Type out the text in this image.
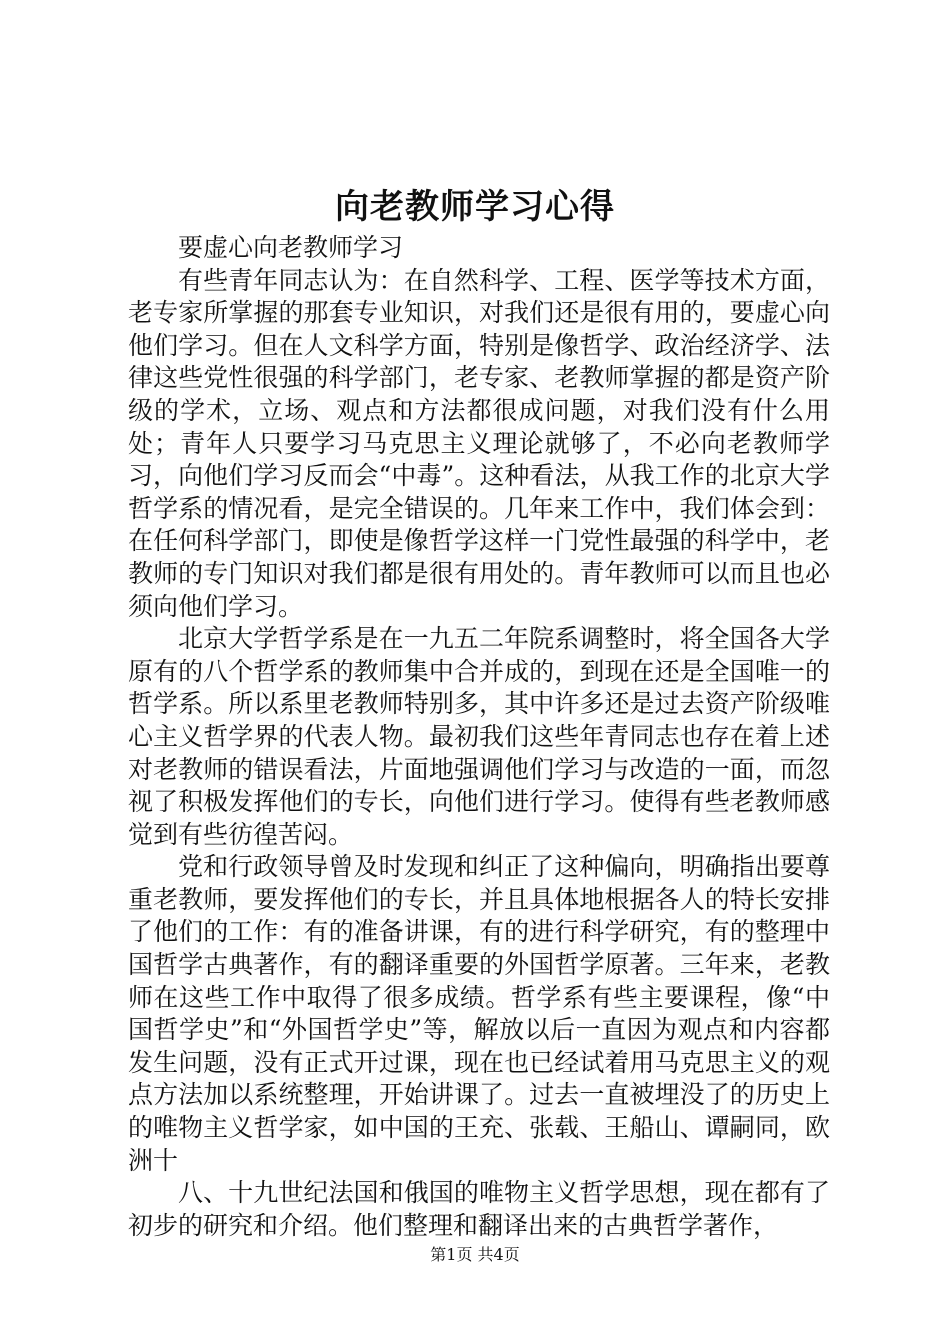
向老教师学习心得

要虚心向老教师学习

有些青年同志认为：在自然科学、工程、医学等技术方面，老专家所掌握的那套专业知识，对我们还是很有用的，要虚心向他们学习。但在人文科学方面，特别是像哲学、政治经济学、法律这些党性很强的科学部门，老专家、老教师掌握的都是资产阶级的学术，立场、观点和方法都很成问题，对我们没有什么用处；青年人只要学习马克思主义理论就够了，不必向老教师学习，向他们学习反而会“中毒”。这种看法，从我工作的北京大学哲学系的情况看，是完全错误的。几年来工作中，我们体会到：在任何科学部门，即使是像哲学这样一门党性最强的科学中，老教师的专门知识对我们都是很有用处的。青年教师可以而且也必须向他们学习。

北京大学哲学系是在一九五二年院系调整时，将全国各大学原有的八个哲学系的教师集中合并成的，到现在还是全国唯一的哲学系。所以系里老教师特别多，其中许多还是过去资产阶级唯心主义哲学界的代表人物。最初我们这些年青同志也存在着上述对老教师的错误看法，片面地强调他们学习与改造的一面，而忽视了积极发挥他们的专长，向他们进行学习。使得有些老教师感觉到有些彷徨苦闷。

党和行政领导曾及时发现和纠正了这种偏向，明确指出要尊重老教师，要发挥他们的专长，并且具体地根据各人的特长安排了他们的工作：有的准备讲课，有的进行科学研究，有的整理中国哲学古典著作，有的翻译重要的外国哲学原著。三年来，老教师在这些工作中取得了很多成绩。哲学系有些主要课程，像“中国哲学史”和“外国哲学史”等，解放以后一直因为观点和内容都发生问题，没有正式开过课，现在也已经试着用马克思主义的观点方法加以系统整理，开始讲课了。过去一直被埋没了的历史上的唯物主义哲学家，如中国的王充、张载、王船山、谭嗣同，欧洲十

八、十九世纪法国和俄国的唯物主义哲学思想，现在都有了初步的研究和介绍。他们整理和翻译出来的古典哲学著作，

第1页 共4页
